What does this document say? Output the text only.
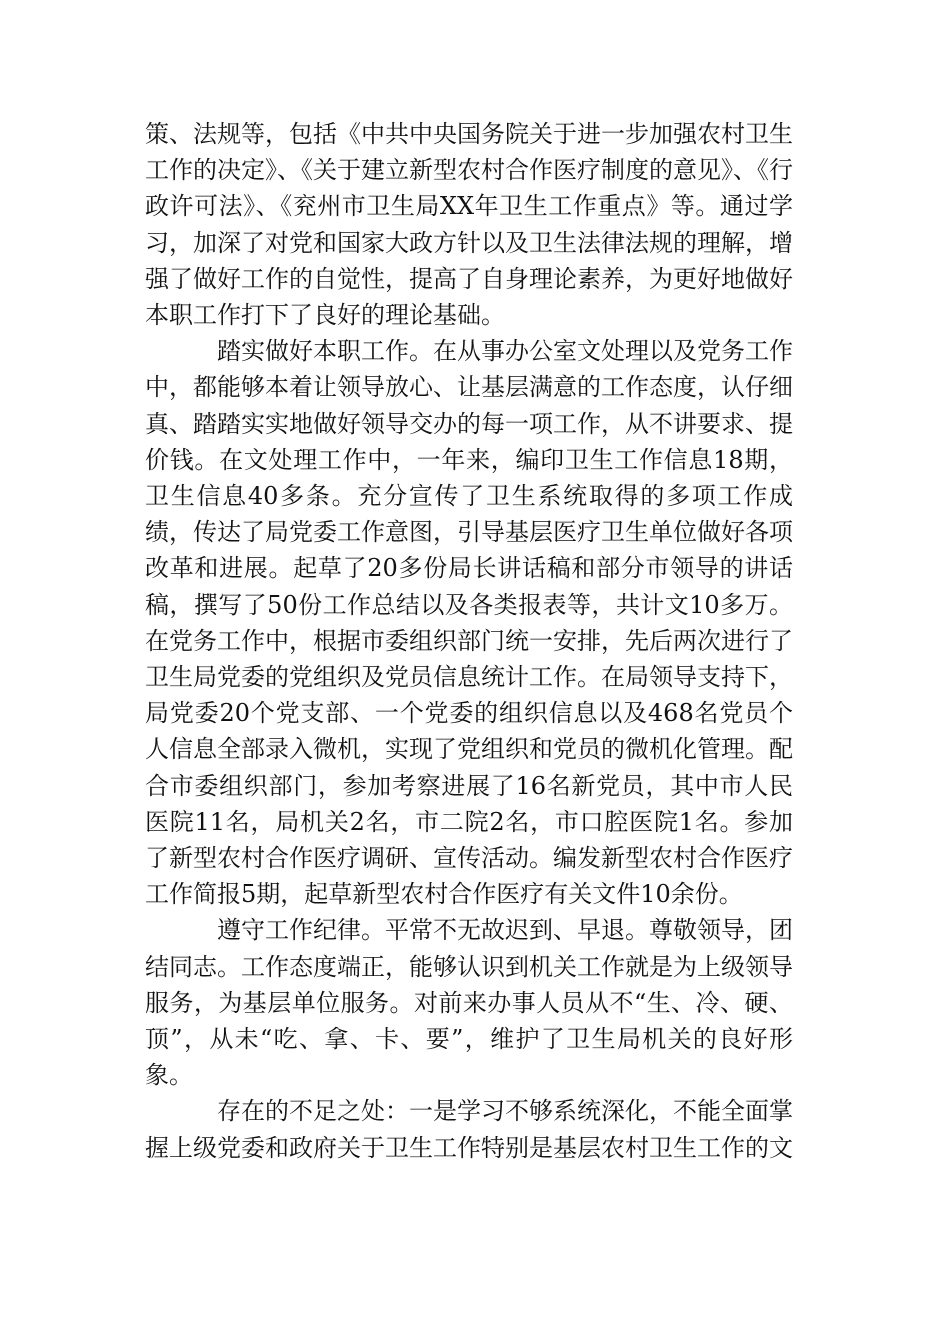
策、法规等，包括《中共中央国务院关于进一步加强农村卫生工作的决定》、《关于建立新型农村合作医疗制度的意见》、《行政许可法》、《兖州市卫生局XX年卫生工作重点》等。通过学习，加深了对党和国家大政方针以及卫生法律法规的理解，增强了做好工作的自觉性，提高了自身理论素养，为更好地做好本职工作打下了良好的理论基础。

踏实做好本职工作。在从事办公室文处理以及党务工作中，都能够本着让领导放心、让基层满意的工作态度，认仔细真、踏踏实实地做好领导交办的每一项工作，从不讲要求、提价钱。在文处理工作中，一年来，编印卫生工作信息18期，卫生信息40多条。充分宣传了卫生系统取得的多项工作成绩，传达了局党委工作意图，引导基层医疗卫生单位做好各项改革和进展。起草了20多份局长讲话稿和部分市领导的讲话稿，撰写了50份工作总结以及各类报表等，共计文10多万。在党务工作中，根据市委组织部门统一安排，先后两次进行了卫生局党委的党组织及党员信息统计工作。在局领导支持下，局党委20个党支部、一个党委的组织信息以及468名党员个人信息全部录入微机，实现了党组织和党员的微机化管理。配合市委组织部门，参加考察进展了16名新党员，其中市人民医院11名，局机关2名，市二院2名，市口腔医院1名。参加了新型农村合作医疗调研、宣传活动。编发新型农村合作医疗工作简报5期，起草新型农村合作医疗有关文件10余份。

遵守工作纪律。平常不无故迟到、早退。尊敬领导，团结同志。工作态度端正，能够认识到机关工作就是为上级领导服务，为基层单位服务。对前来办事人员从不“生、冷、硬、顶”，从未“吃、拿、卡、要”，维护了卫生局机关的良好形象。

存在的不足之处：一是学习不够系统深化，不能全面掌握上级党委和政府关于卫生工作特别是基层农村卫生工作的文
